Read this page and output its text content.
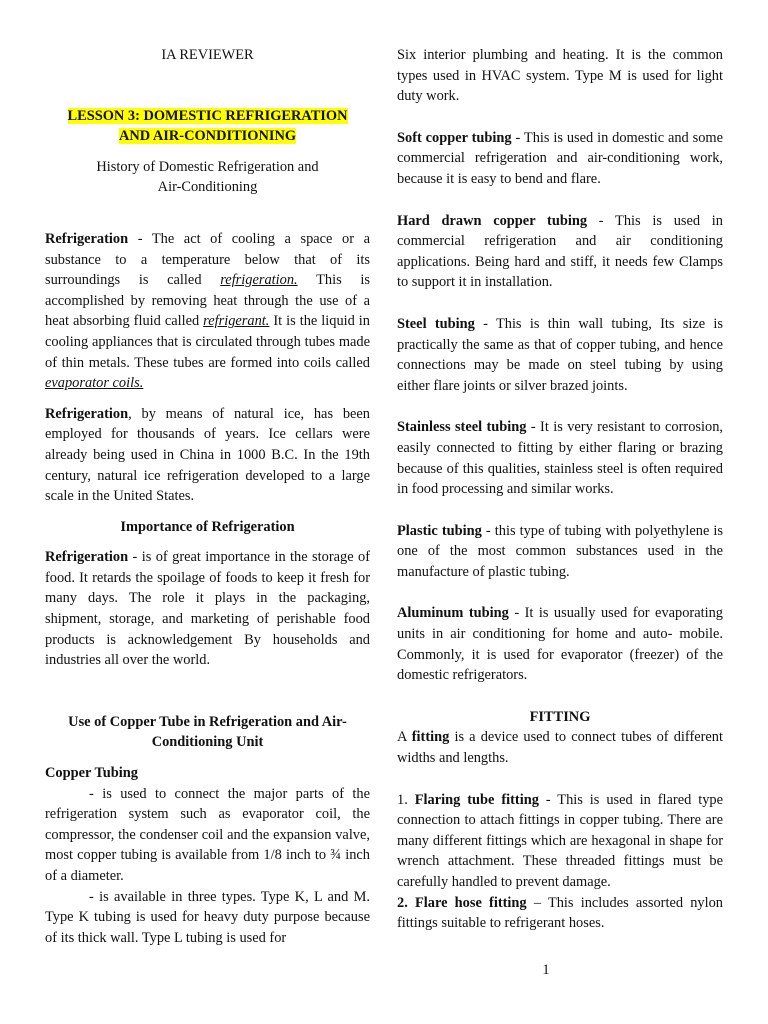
IA REVIEWER

LESSON 3: DOMESTIC REFRIGERATION
AND AIR-CONDITIONING

History of Domestic Refrigeration and
Air-Conditioning

Refrigeration - The act of cooling a space or a substance to a temperature below that of its surroundings is called refrigeration. This is accomplished by removing heat through the use of a heat absorbing fluid called refrigerant. It is the liquid in cooling appliances that is circulated through tubes made of thin metals. These tubes are formed into coils called evaporator coils.

Refrigeration, by means of natural ice, has been employed for thousands of years. Ice cellars were already being used in China in 1000 B.C. In the 19th century, natural ice refrigeration developed to a large scale in the United States.

Importance of Refrigeration

Refrigeration - is of great importance in the storage of food. It retards the spoilage of foods to keep it fresh for many days. The role it plays in the packaging, shipment, storage, and marketing of perishable food products is acknowledgement By households and industries all over the world.

Use of Copper Tube in Refrigeration and Air-
Conditioning Unit

Copper Tubing

- is used to connect the major parts of the refrigeration system such as evaporator coil, the compressor, the condenser coil and the expansion valve, most copper tubing is available from 1/8 inch to ¾ inch of a diameter.

- is available in three types. Type K, L and M. Type K tubing is used for heavy duty purpose because of its thick wall. Type L tubing is used for

Six interior plumbing and heating. It is the common types used in HVAC system. Type M is used for light duty work.

Soft copper tubing - This is used in domestic and some commercial refrigeration and air-conditioning work, because it is easy to bend and flare.

Hard drawn copper tubing - This is used in commercial refrigeration and air conditioning applications. Being hard and stiff, it needs few Clamps to support it in installation.

Steel tubing - This is thin wall tubing, Its size is practically the same as that of copper tubing, and hence connections may be made on steel tubing by using either flare joints or silver brazed joints.

Stainless steel tubing - It is very resistant to corrosion, easily connected to fitting by either flaring or brazing because of this qualities, stainless steel is often required in food processing and similar works.

Plastic tubing - this type of tubing with polyethylene is one of the most common substances used in the manufacture of plastic tubing.

Aluminum tubing - It is usually used for evaporating units in air conditioning for home and auto- mobile. Commonly, it is used for evaporator (freezer) of the domestic refrigerators.

FITTING

A fitting is a device used to connect tubes of different widths and lengths.

1. Flaring tube fitting - This is used in flared type connection to attach fittings in copper tubing. There are many different fittings which are hexagonal in shape for wrench attachment. These threaded fittings must be carefully handled to prevent damage.

2. Flare hose fitting – This includes assorted nylon fittings suitable to refrigerant hoses.

1
